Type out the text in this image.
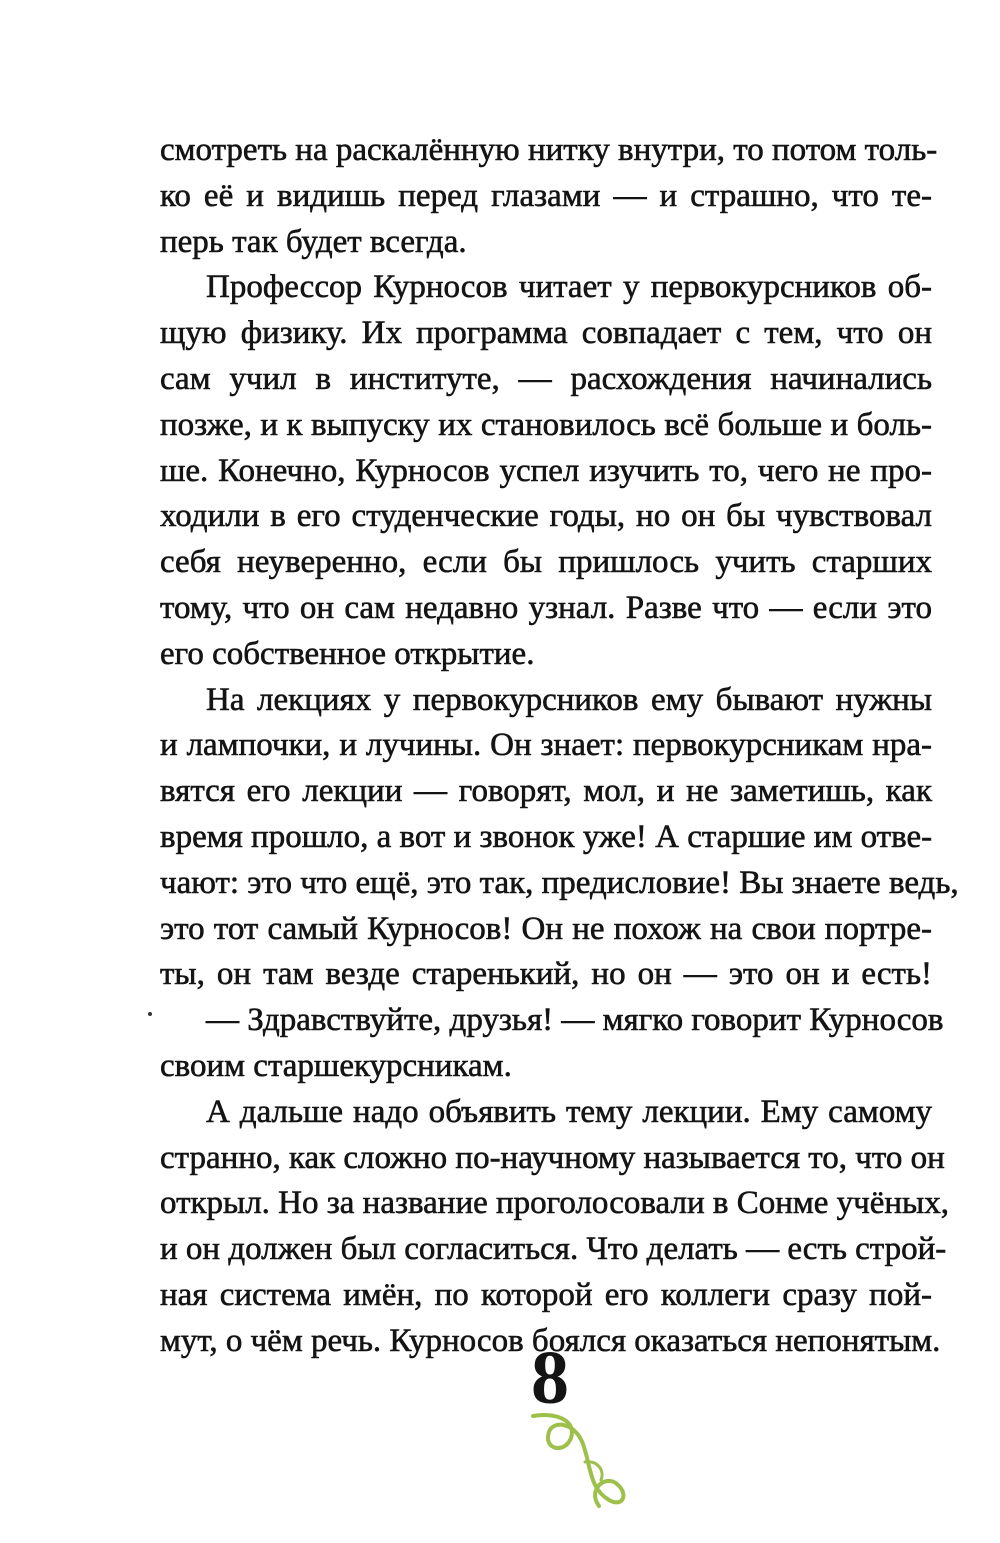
смотреть на раскалённую нитку внутри, то потом толь-
ко её и видишь перед глазами — и страшно, что те-
перь так будет всегда.
Профессор Курносов читает у первокурсников об-
щую физику. Их программа совпадает с тем, что он
сам учил в институте, — расхождения начинались
позже, и к выпуску их становилось всё больше и боль-
ше. Конечно, Курносов успел изучить то, чего не про-
ходили в его студенческие годы, но он бы чувствовал
себя неуверенно, если бы пришлось учить старших
тому, что он сам недавно узнал. Разве что — если это
его собственное открытие.
На лекциях у первокурсников ему бывают нужны
и лампочки, и лучины. Он знает: первокурсникам нра-
вятся его лекции — говорят, мол, и не заметишь, как
время прошло, а вот и звонок уже! А старшие им отве-
чают: это что ещё, это так, предисловие! Вы знаете ведь,
это тот самый Курносов! Он не похож на свои портре-
ты, он там везде старенький, но он — это он и есть!
— Здравствуйте, друзья! — мягко говорит Курносов
своим старшекурсникам.
А дальше надо объявить тему лекции. Ему самому
странно, как сложно по-научному называется то, что он
открыл. Но за название проголосовали в Сонме учёных,
и он должен был согласиться. Что делать — есть строй-
ная система имён, по которой его коллеги сразу пой-
мут, о чём речь. Курносов боялся оказаться непонятым.
8
